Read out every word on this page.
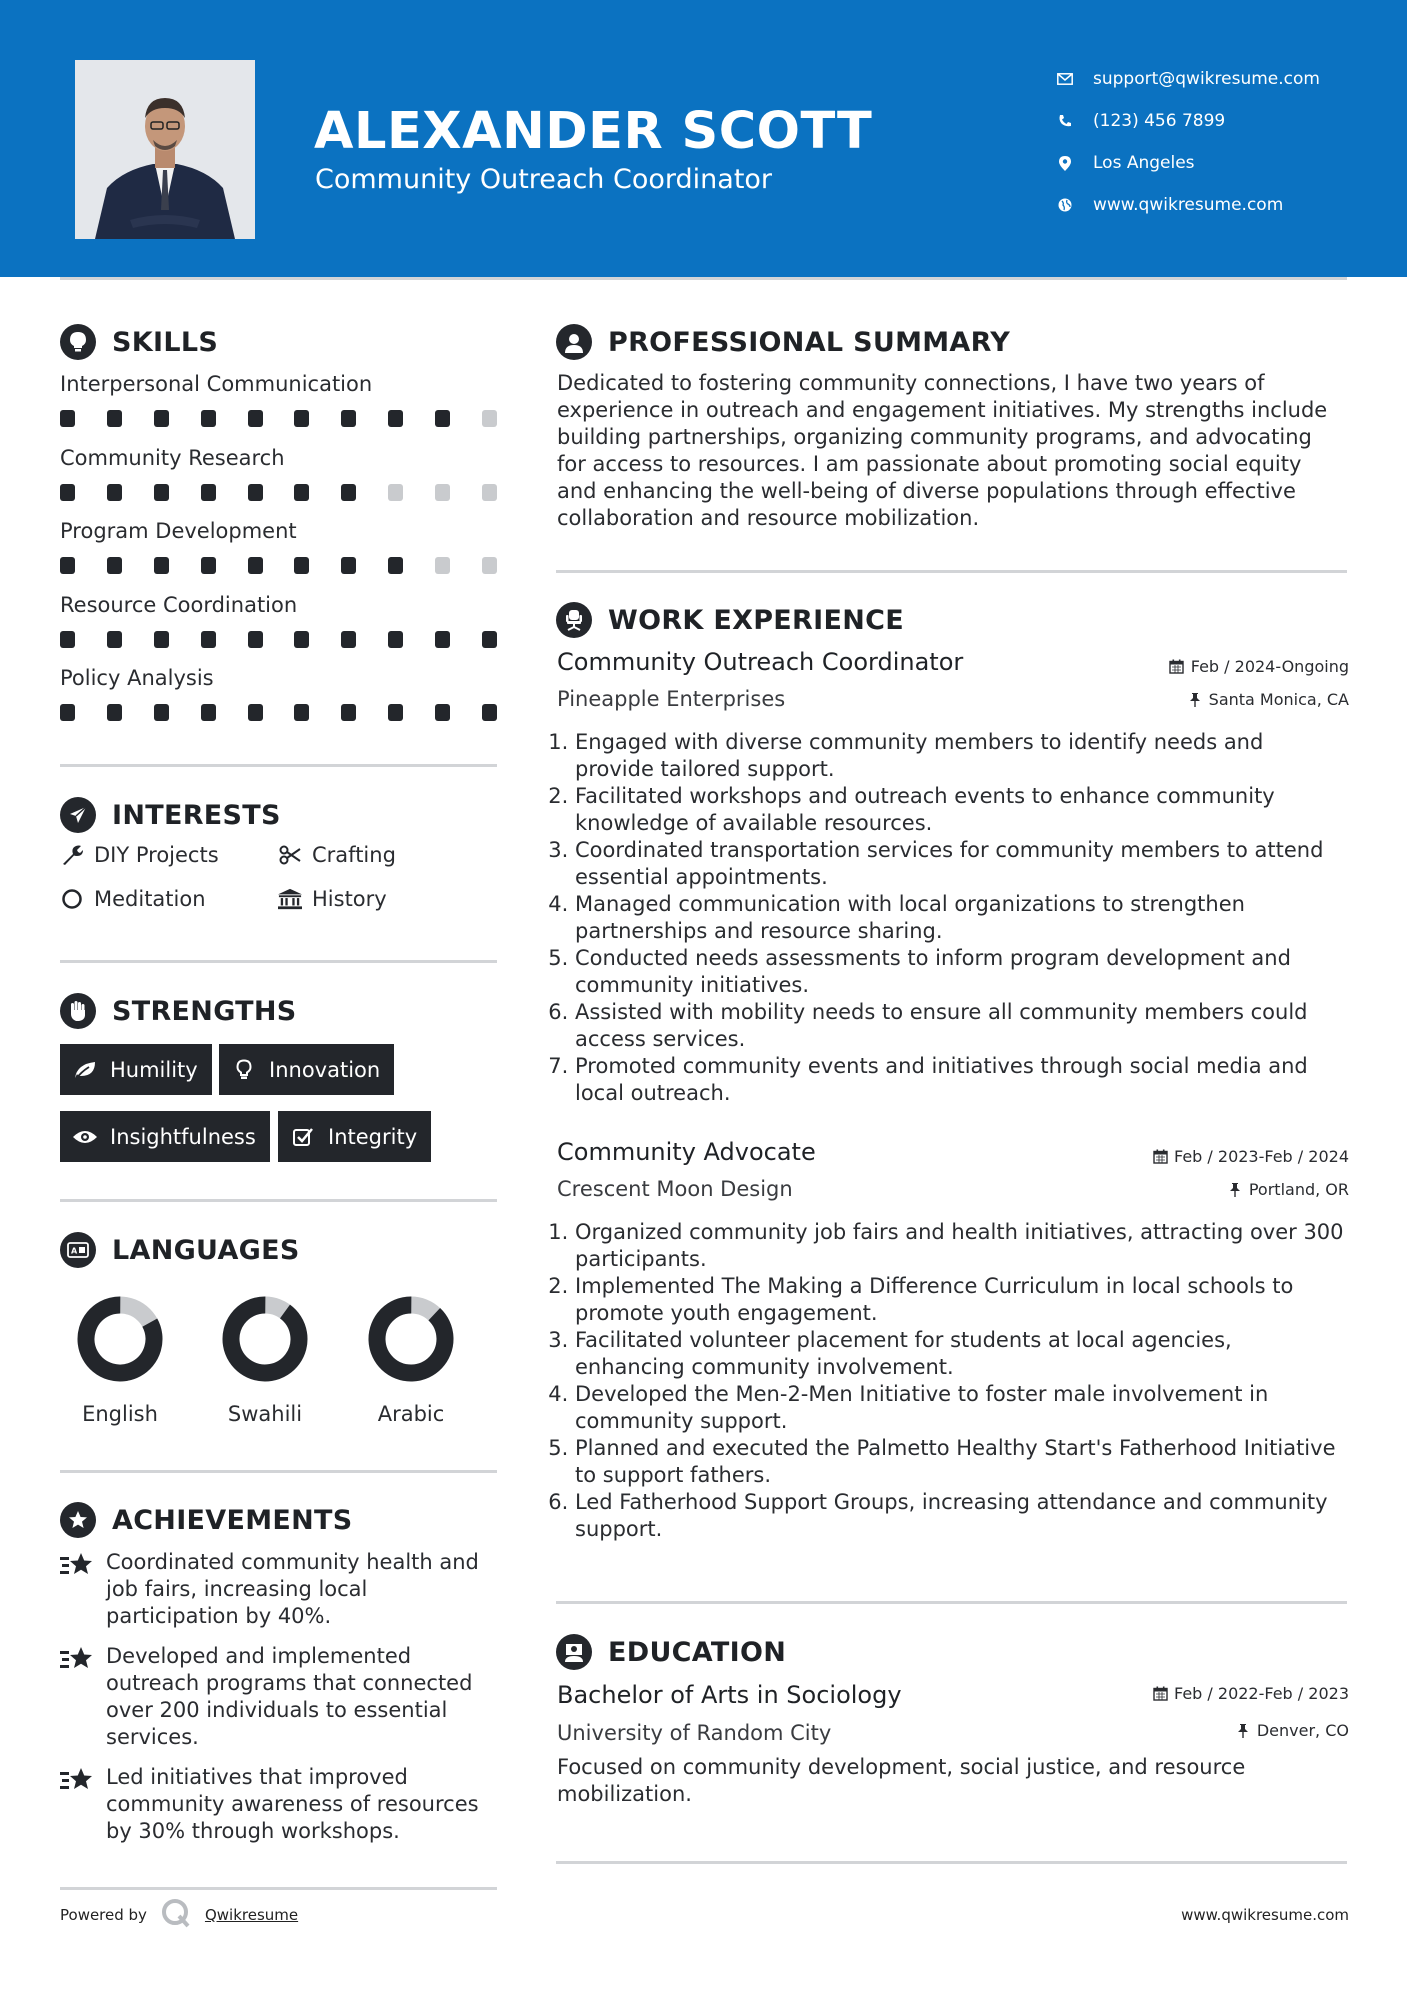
ALEXANDER SCOTT
Community Outreach Coordinator
support@qwikresume.com
(123) 456 7899
Los Angeles
www.qwikresume.com
SKILLS
Interpersonal Communication
Community Research
Program Development
Resource Coordination
Policy Analysis
INTERESTS
DIY Projects	Crafting
Meditation	History
STRENGTHS
Humility	Innovation
Insightfulness	Integrity
A LANGUAGES
English	Swahili	Arabic
ACHIEVEMENTS
Coordinated community health and job fairs, increasing local participation by 40%.
Developed and implemented outreach programs that connected over 200 individuals to essential services.
Led initiatives that improved community awareness of resources by 30% through workshops.
Powered by	Qwikresume	www.qwikresume.com
PROFESSIONAL SUMMARY
Dedicated to fostering community connections, I have two years of experience in outreach and engagement initiatives. My strengths include building partnerships, organizing community programs, and advocating for access to resources. I am passionate about promoting social equity and enhancing the well-being of diverse populations through effective collaboration and resource mobilization.
WORK EXPERIENCE
Community Outreach Coordinator	Feb / 2024-Ongoing
Pineapple Enterprises	Santa Monica, CA
1. Engaged with diverse community members to identify needs and provide tailored support.
2. Facilitated workshops and outreach events to enhance community knowledge of available resources.
3. Coordinated transportation services for community members to attend essential appointments.
4. Managed communication with local organizations to strengthen partnerships and resource sharing.
5. Conducted needs assessments to inform program development and community initiatives.
6. Assisted with mobility needs to ensure all community members could access services.
7. Promoted community events and initiatives through social media and local outreach.
Community Advocate	Feb / 2023-Feb / 2024
Crescent Moon Design	Portland, OR
1. Organized community job fairs and health initiatives, attracting over 300 participants.
2. Implemented The Making a Difference Curriculum in local schools to promote youth engagement.
3. Facilitated volunteer placement for students at local agencies, enhancing community involvement.
4. Developed the Men-2-Men Initiative to foster male involvement in community support.
5. Planned and executed the Palmetto Healthy Start's Fatherhood Initiative to support fathers.
6. Led Fatherhood Support Groups, increasing attendance and community support.
EDUCATION
Bachelor of Arts in Sociology	Feb / 2022-Feb / 2023
University of Random City	Denver, CO
Focused on community development, social justice, and resource mobilization.
